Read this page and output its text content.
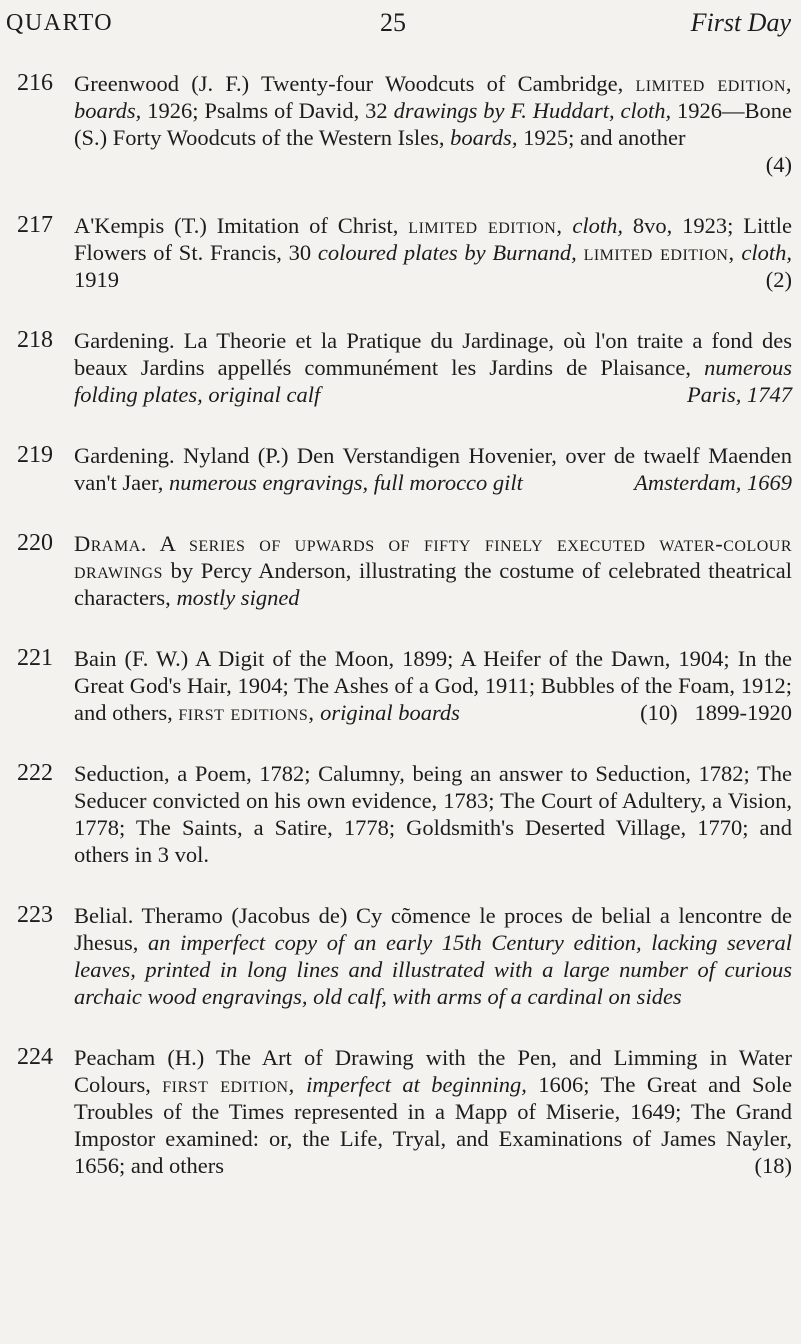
QUARTO	25	First Day
216 Greenwood (J. F.) Twenty-four Woodcuts of Cambridge, limited edition, boards, 1926; Psalms of David, 32 drawings by F. Huddart, cloth, 1926—Bone (S.) Forty Woodcuts of the Western Isles, boards, 1925; and another
(4)
217 A'Kempis (T.) Imitation of Christ, limited edition, cloth, 8vo, 1923; Little Flowers of St. Francis, 30 coloured plates by Burnand, limited edition, cloth, 1919	(2)
218 Gardening. La Theorie et la Pratique du Jardinage, où l'on traite a fond des beaux Jardins appellés communément les Jardins de Plaisance, numerous folding plates, original calf	Paris, 1747
219 Gardening. Nyland (P.) Den Verstandigen Hovenier, over de twaelf Maenden van't Jaer, numerous engravings, full morocco gilt	Amsterdam, 1669
220 Drama. A series of upwards of fifty finely executed water-colour drawings by Percy Anderson, illustrating the costume of celebrated theatrical characters, mostly signed
221 Bain (F. W.) A Digit of the Moon, 1899; A Heifer of the Dawn, 1904; In the Great God's Hair, 1904; The Ashes of a God, 1911; Bubbles of the Foam, 1912; and others, first editions, original boards	(10) 1899-1920
222 Seduction, a Poem, 1782; Calumny, being an answer to Seduction, 1782; The Seducer convicted on his own evidence, 1783; The Court of Adultery, a Vision, 1778; The Saints, a Satire, 1778; Goldsmith's Deserted Village, 1770; and others in 3 vol.
223 Belial. Theramo (Jacobus de) Cy cõmence le proces de belial a lencontre de Jhesus, an imperfect copy of an early 15th Century edition, lacking several leaves, printed in long lines and illustrated with a large number of curious archaic wood engravings, old calf, with arms of a cardinal on sides
224 Peacham (H.) The Art of Drawing with the Pen, and Limming in Water Colours, first edition, imperfect at beginning, 1606; The Great and Sole Troubles of the Times represented in a Mapp of Miserie, 1649; The Grand Impostor examined: or, the Life, Tryal, and Examinations of James Nayler, 1656; and others	(18)
